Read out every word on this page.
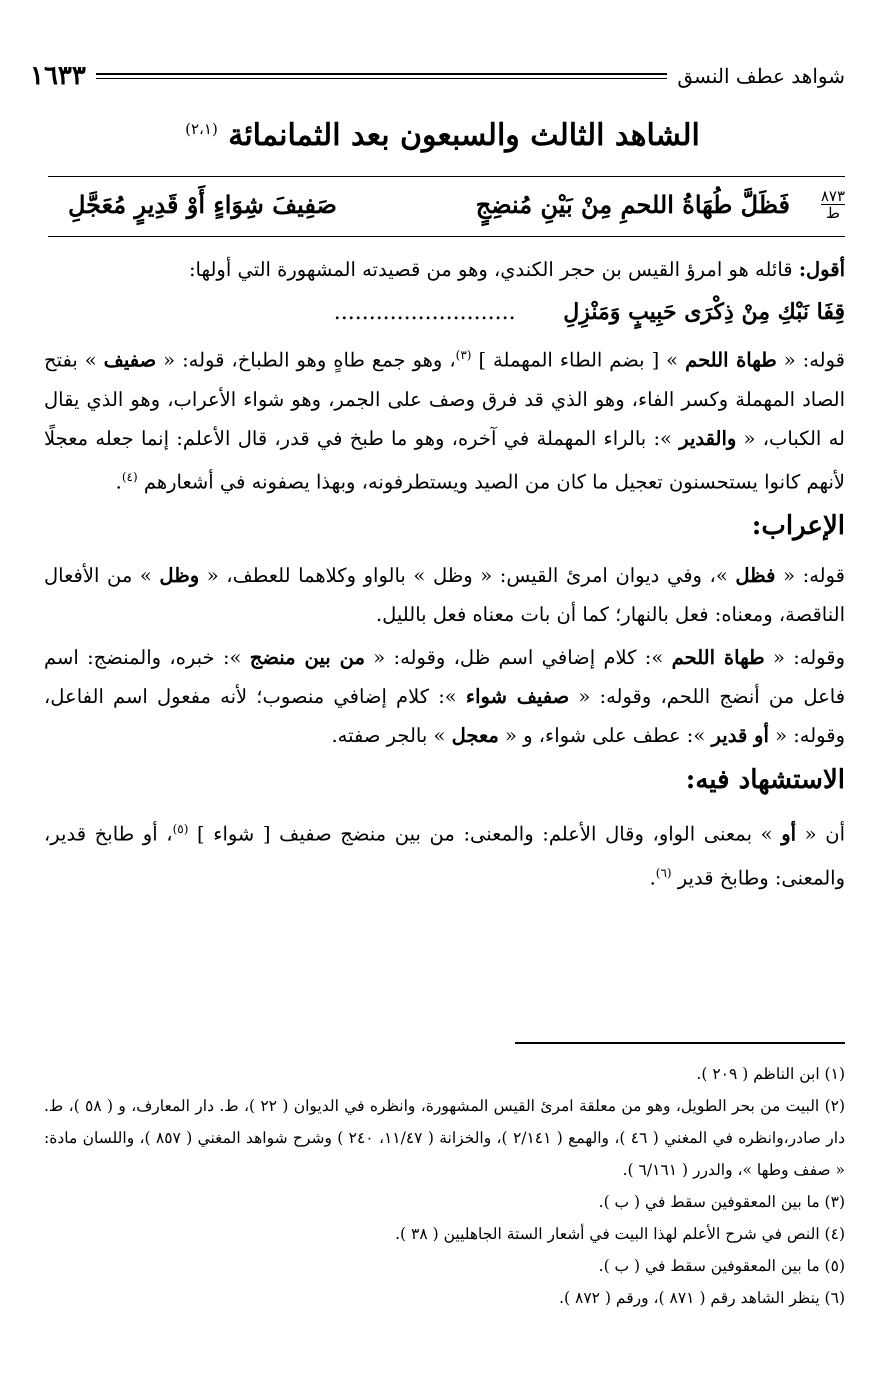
شواهد عطف النسق
١٦٣٣
الشاهد الثالث والسبعون بعد الثمانمائة $^{(٢،١)}$
٨٧٣
ط
فَظَلَّ طُهَاةُ اللحمِ مِنْ بَيْنِ مُنضِجٍ
صَفِيفَ شِوَاءٍ أَوْ قَدِيرٍ مُعَجَّلِ

أقول: قائله هو امرؤ القيس بن حجر الكندي، وهو من قصيدته المشهورة التي أولها:

قِفَا نَبْكِ مِنْ ذِكْرَى حَبِيبٍ وَمَنْزِلِ ..........................

قوله: « طهاة اللحم » [ بضم الطاء المهملة ] $^{(٣)}$، وهو جمع طاهٍ وهو الطباخ، قوله: « صفيف » بفتح الصاد المهملة وكسر الفاء، وهو الذي قد فرق وصف على الجمر، وهو شواء الأعراب، وهو الذي يقال له الكباب، « والقدير »: بالراء المهملة في آخره، وهو ما طبخ في قدر، قال الأعلم: إنما جعله معجلًا لأنهم كانوا يستحسنون تعجيل ما كان من الصيد ويستطرفونه، وبهذا يصفونه في أشعارهم $^{(٤)}$.

الإعراب:

قوله: « فظل »، وفي ديوان امرئ القيس: « وظل » بالواو وكلاهما للعطف، « وظل » من الأفعال الناقصة، ومعناه: فعل بالنهار؛ كما أن بات معناه فعل بالليل.

وقوله: « طهاة اللحم »: كلام إضافي اسم ظل، وقوله: « من بين منضج »: خبره، والمنضج: اسم فاعل من أنضج اللحم، وقوله: « صفيف شواء »: كلام إضافي منصوب؛ لأنه مفعول اسم الفاعل، وقوله: « أو قدير »: عطف على شواء، و « معجل » بالجر صفته.

الاستشهاد فيه:

أن « أو » بمعنى الواو، وقال الأعلم: والمعنى: من بين منضج صفيف [ شواء ] $^{(٥)}$، أو طابخ قدير، والمعنى: وطابخ قدير $^{(٦)}$.

(١) ابن الناظم ( ٢٠٩ ).

(٢) البيت من بحر الطويل، وهو من معلقة امرئ القيس المشهورة، وانظره في الديوان ( ٢٢ )، ط. دار المعارف، و ( ٥٨ )، ط. دار صادر،وانظره في المغني ( ٤٦ )، والهمع ( ٢/١٤١ )، والخزانة ( ١١/٤٧، ٢٤٠ ) وشرح شواهد المغني ( ٨٥٧ )، واللسان مادة: « صفف وطها »، والدرر ( ٦/١٦١ ).

(٣) ما بين المعقوفين سقط في ( ب ).

(٤) النص في شرح الأعلم لهذا البيت في أشعار الستة الجاهليين ( ٣٨ ).

(٥) ما بين المعقوفين سقط في ( ب ).

(٦) ينظر الشاهد رقم ( ٨٧١ )، ورقم ( ٨٧٢ ).
